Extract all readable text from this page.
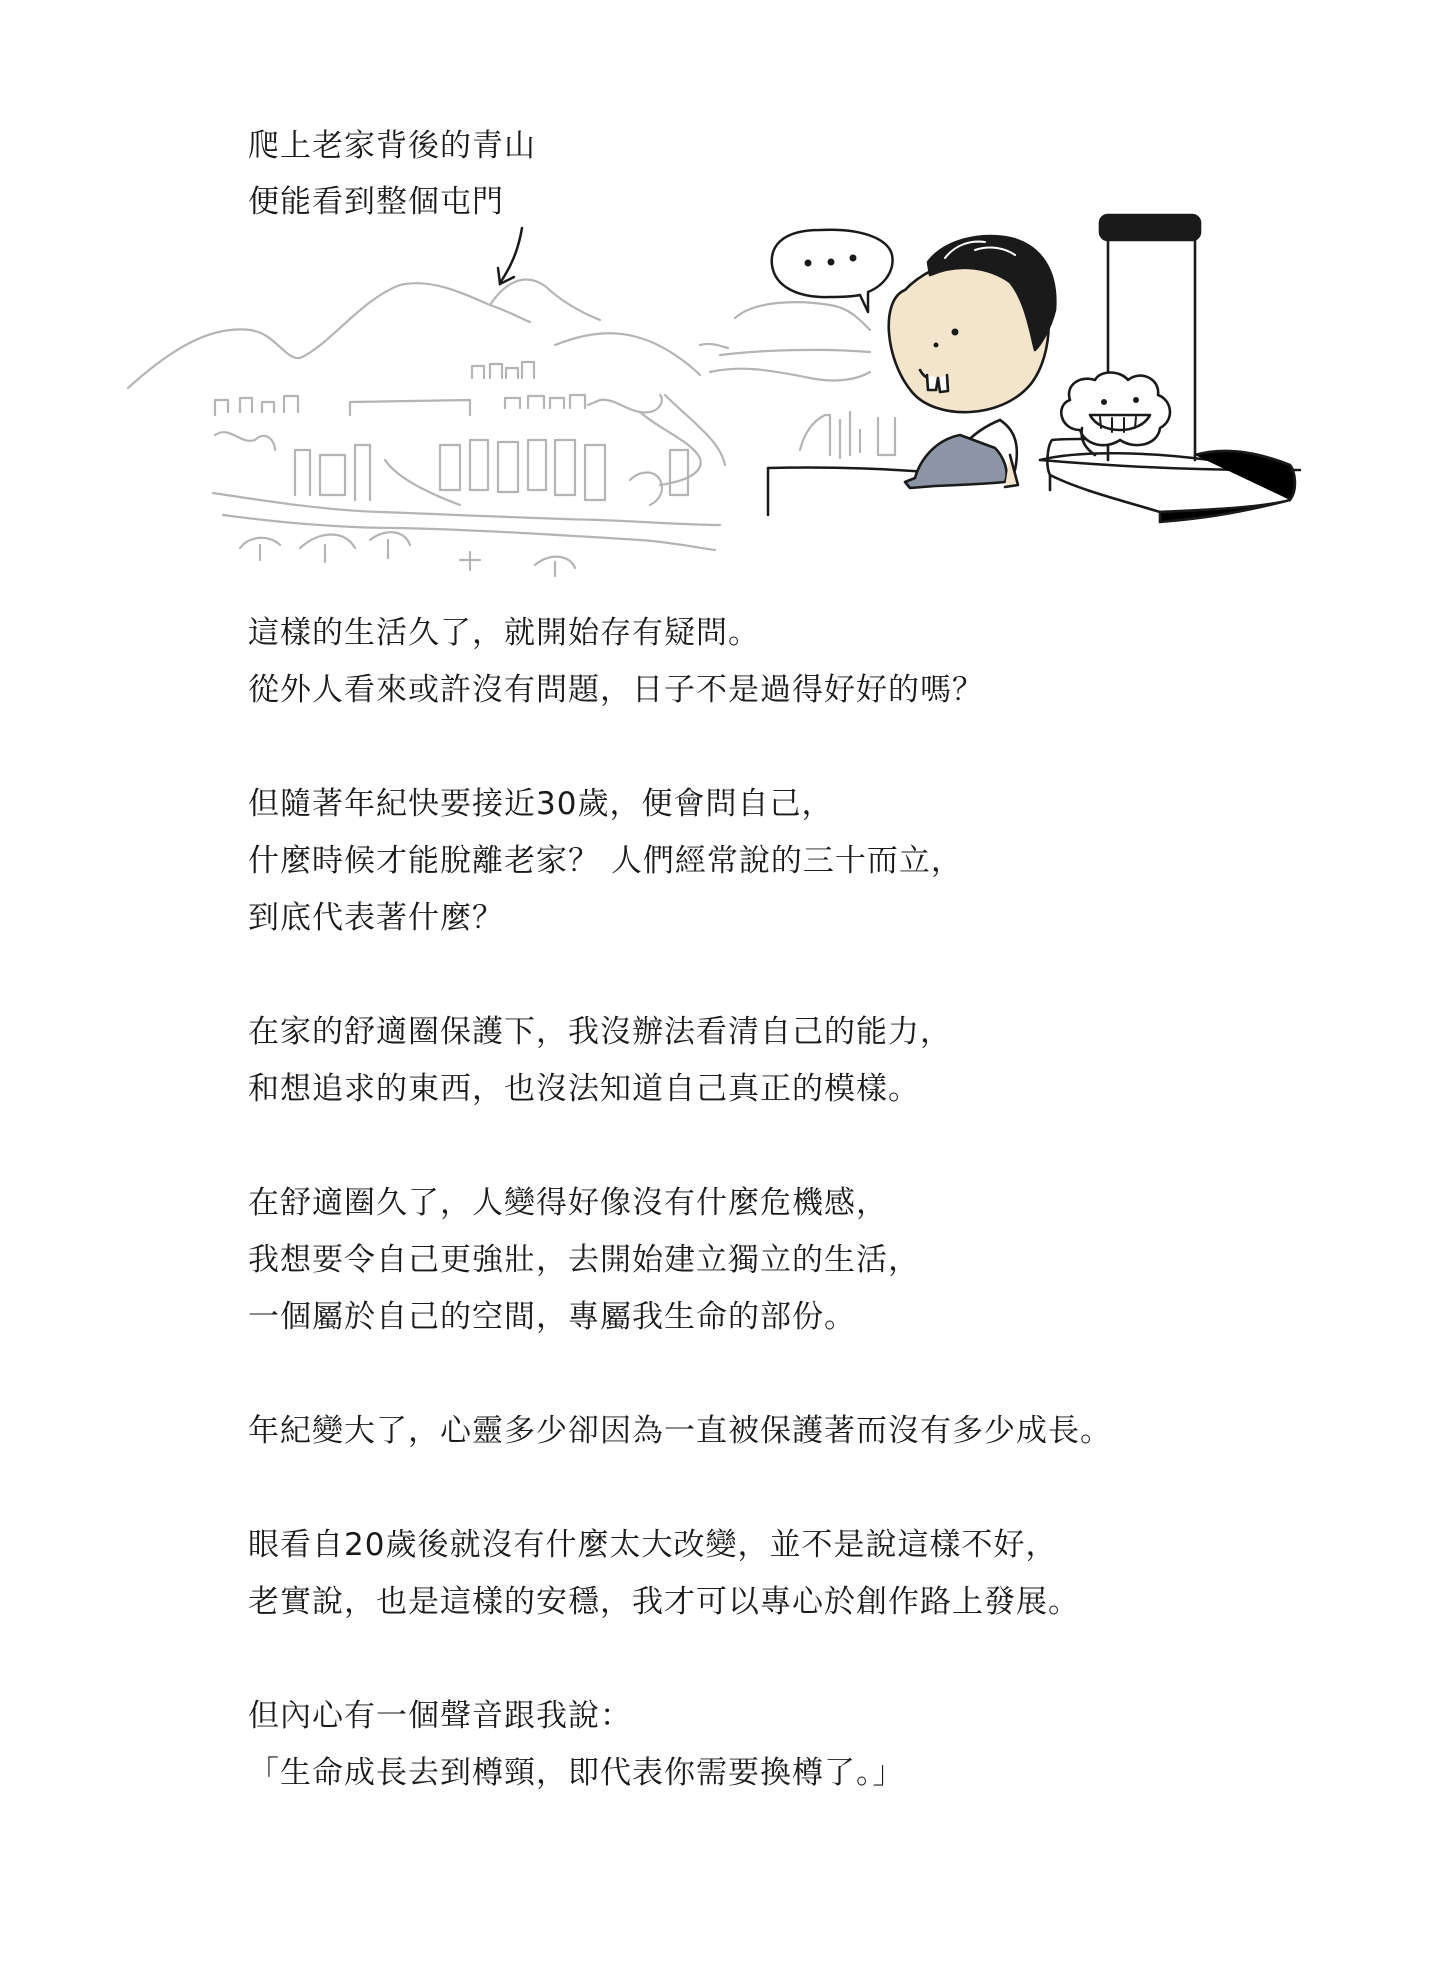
爬上老家背後的青山
便能看到整個屯門
這樣的生活久了，就開始存有疑問。
從外人看來或許沒有問題，日子不是過得好好的嗎？
但隨著年紀快要接近30歲，便會問自己，
什麼時候才能脫離老家？ 人們經常說的三十而立，
到底代表著什麼？
在家的舒適圈保護下，我沒辦法看清自己的能力，
和想追求的東西，也沒法知道自己真正的模樣。
在舒適圈久了，人變得好像沒有什麼危機感，
我想要令自己更強壯，去開始建立獨立的生活，
一個屬於自己的空間，專屬我生命的部份。
年紀變大了，心靈多少卻因為一直被保護著而沒有多少成長。
眼看自20歲後就沒有什麼太大改變，並不是說這樣不好，
老實說，也是這樣的安穩，我才可以專心於創作路上發展。
但內心有一個聲音跟我說：
「生命成長去到樽頸，即代表你需要換樽了。」
